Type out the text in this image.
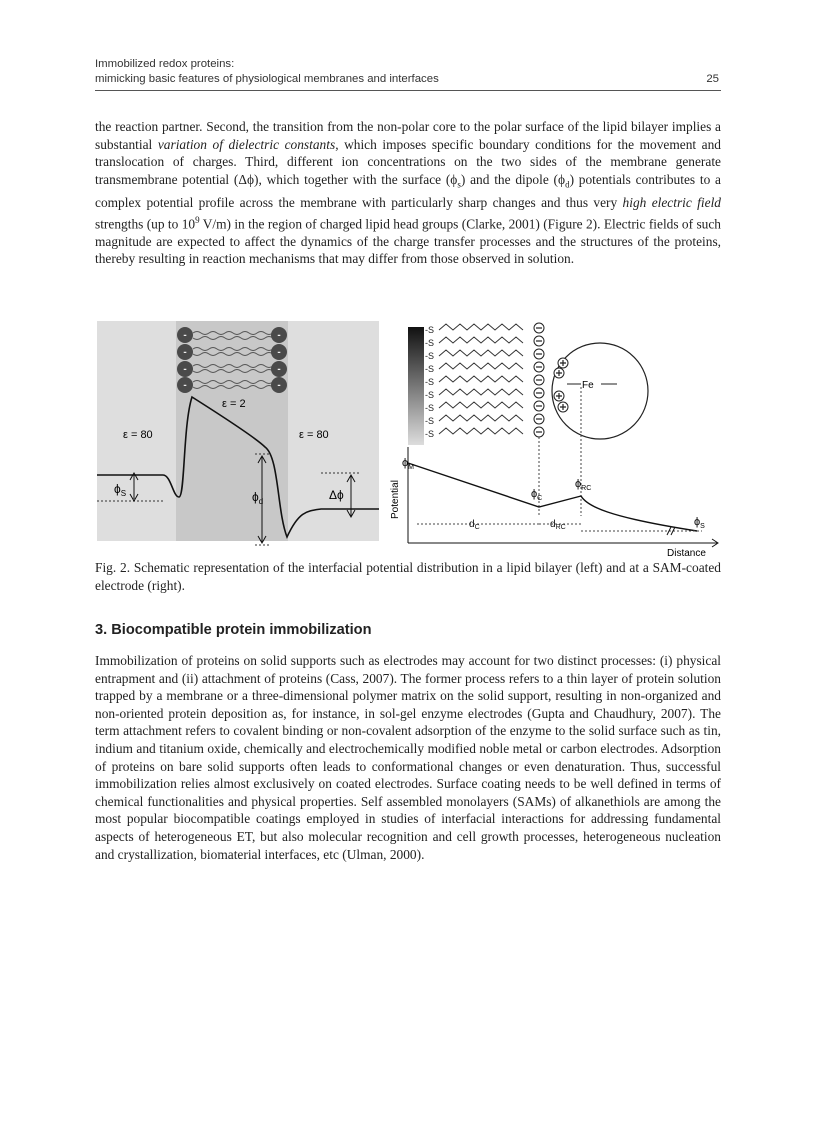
Immobilized redox proteins:
mimicking basic features of physiological membranes and interfaces	25

the reaction partner. Second, the transition from the non-polar core to the polar surface of the lipid bilayer implies a substantial variation of dielectric constants, which imposes specific boundary conditions for the movement and translocation of charges. Third, different ion concentrations on the two sides of the membrane generate transmembrane potential (Δϕ), which together with the surface $(\phi_s)$ and the dipole $(\phi_d)$ potentials contributes to a complex potential profile across the membrane with particularly sharp changes and thus very high electric field strengths (up to $10^9$ V/m) in the region of charged lipid head groups (Clarke, 2001) (Figure 2). Electric fields of such magnitude are expected to affect the dynamics of the charge transfer processes and the structures of the proteins, thereby resulting in reaction mechanisms that may differ from those observed in solution.

-
-
-
-
-
-
-
-
ε = 2
ε = 80	ε = 80
$\phi_S$	$\phi_d$	Δϕ
-S
-S
-S
-S
-S
-S
-S
-S
-S
Fe
Potential
Distance
$\phi_M$
$\phi_C$
$\phi_{RC}$
$\phi_S$
$d_C$	$d_{RC}$
Fig. 2. Schematic representation of the interfacial potential distribution in a lipid bilayer (left) and at a SAM-coated electrode (right).
3. Biocompatible protein immobilization

Immobilization of proteins on solid supports such as electrodes may account for two distinct processes: (i) physical entrapment and (ii) attachment of proteins (Cass, 2007). The former process refers to a thin layer of protein solution trapped by a membrane or a three-dimensional polymer matrix on the solid support, resulting in non-organized and non-oriented protein deposition as, for instance, in sol-gel enzyme electrodes (Gupta and Chaudhury, 2007). The term attachment refers to covalent binding or non-covalent adsorption of the enzyme to the solid surface such as tin, indium and titanium oxide, chemically and electrochemically modified noble metal or carbon electrodes. Adsorption of proteins on bare solid supports often leads to conformational changes or even denaturation. Thus, successful immobilization relies almost exclusively on coated electrodes. Surface coating needs to be well defined in terms of chemical functionalities and physical properties. Self assembled monolayers (SAMs) of alkanethiols are among the most popular biocompatible coatings employed in studies of interfacial interactions for addressing fundamental aspects of heterogeneous ET, but also molecular recognition and cell growth processes, heterogeneous nucleation and crystallization, biomaterial interfaces, etc (Ulman, 2000).
